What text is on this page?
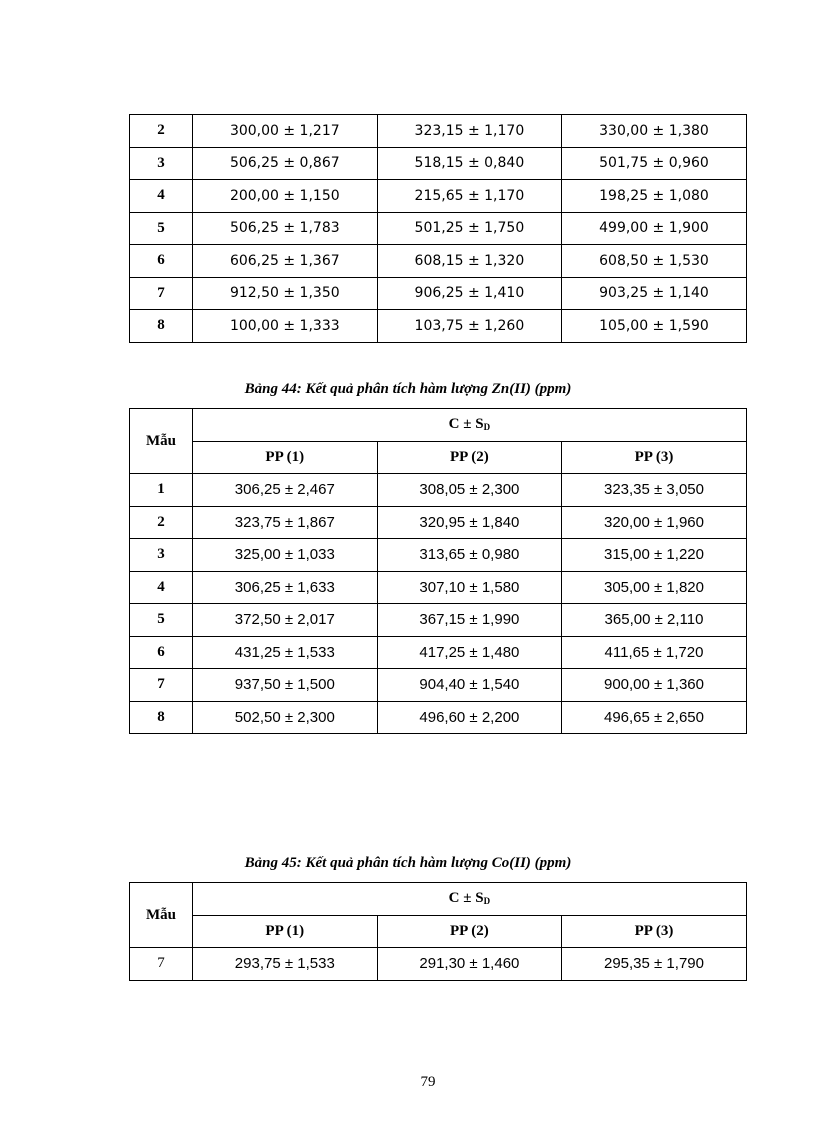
2	300,00 ± 1,217	323,15 ± 1,170	330,00 ± 1,380
3	506,25 ± 0,867	518,15 ± 0,840	501,75 ± 0,960
4	200,00 ± 1,150	215,65 ± 1,170	198,25 ± 1,080
5	506,25 ± 1,783	501,25 ± 1,750	499,00 ± 1,900
6	606,25 ± 1,367	608,15 ± 1,320	608,50 ± 1,530
7	912,50 ± 1,350	906,25 ± 1,410	903,25 ± 1,140
8	100,00 ± 1,333	103,75 ± 1,260	105,00 ± 1,590
Bảng 44: Kết quả phân tích hàm lượng Zn(II) (ppm)
Mẫu	$C \pm S_D$
	PP (1)	PP (2)	PP (3)
1	306,25 ± 2,467	308,05 ± 2,300	323,35 ± 3,050
2	323,75 ± 1,867	320,95 ± 1,840	320,00 ± 1,960
3	325,00 ± 1,033	313,65 ± 0,980	315,00 ± 1,220
4	306,25 ± 1,633	307,10 ± 1,580	305,00 ± 1,820
5	372,50 ± 2,017	367,15 ± 1,990	365,00 ± 2,110
6	431,25 ± 1,533	417,25 ± 1,480	411,65 ± 1,720
7	937,50 ± 1,500	904,40 ± 1,540	900,00 ± 1,360
8	502,50 ± 2,300	496,60 ± 2,200	496,65 ± 2,650
Bảng 45: Kết quả phân tích hàm lượng Co(II) (ppm)
Mẫu	$C \pm S_D$
	PP (1)	PP (2)	PP (3)
7	293,75 ± 1,533	291,30 ± 1,460	295,35 ± 1,790
79
